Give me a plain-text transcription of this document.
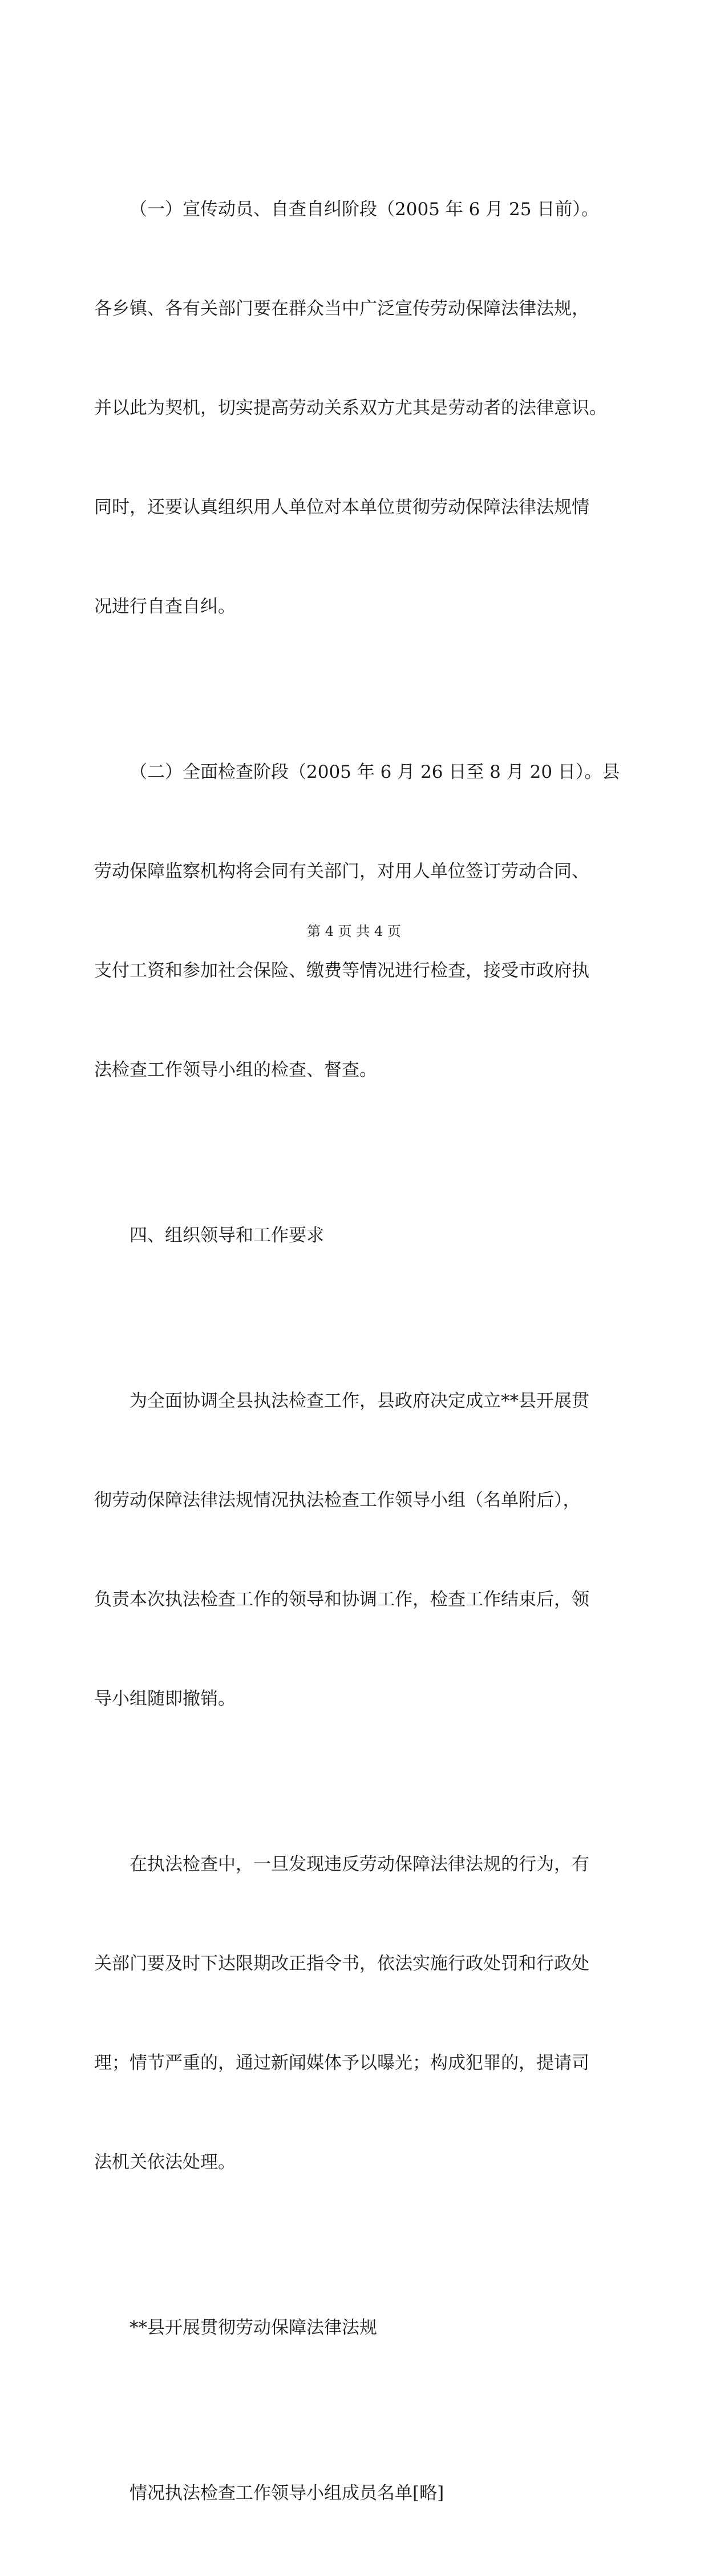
（一）宣传动员、自查自纠阶段（2005 年 6 月 25 日前）。

各乡镇、各有关部门要在群众当中广泛宣传劳动保障法律法规，

并以此为契机，切实提高劳动关系双方尤其是劳动者的法律意识。

同时，还要认真组织用人单位对本单位贯彻劳动保障法律法规情

况进行自查自纠。

（二）全面检查阶段（2005 年 6 月 26 日至 8 月 20 日）。县

劳动保障监察机构将会同有关部门，对用人单位签订劳动合同、

支付工资和参加社会保险、缴费等情况进行检查，接受市政府执

法检查工作领导小组的检查、督查。

四、组织领导和工作要求

为全面协调全县执法检查工作，县政府决定成立**县开展贯

彻劳动保障法律法规情况执法检查工作领导小组（名单附后），

负责本次执法检查工作的领导和协调工作，检查工作结束后，领

导小组随即撤销。

在执法检查中，一旦发现违反劳动保障法律法规的行为，有

关部门要及时下达限期改正指令书，依法实施行政处罚和行政处

理；情节严重的，通过新闻媒体予以曝光；构成犯罪的，提请司

法机关依法处理。

**县开展贯彻劳动保障法律法规

情况执法检查工作领导小组成员名单[略]

第 4 页 共 4 页
